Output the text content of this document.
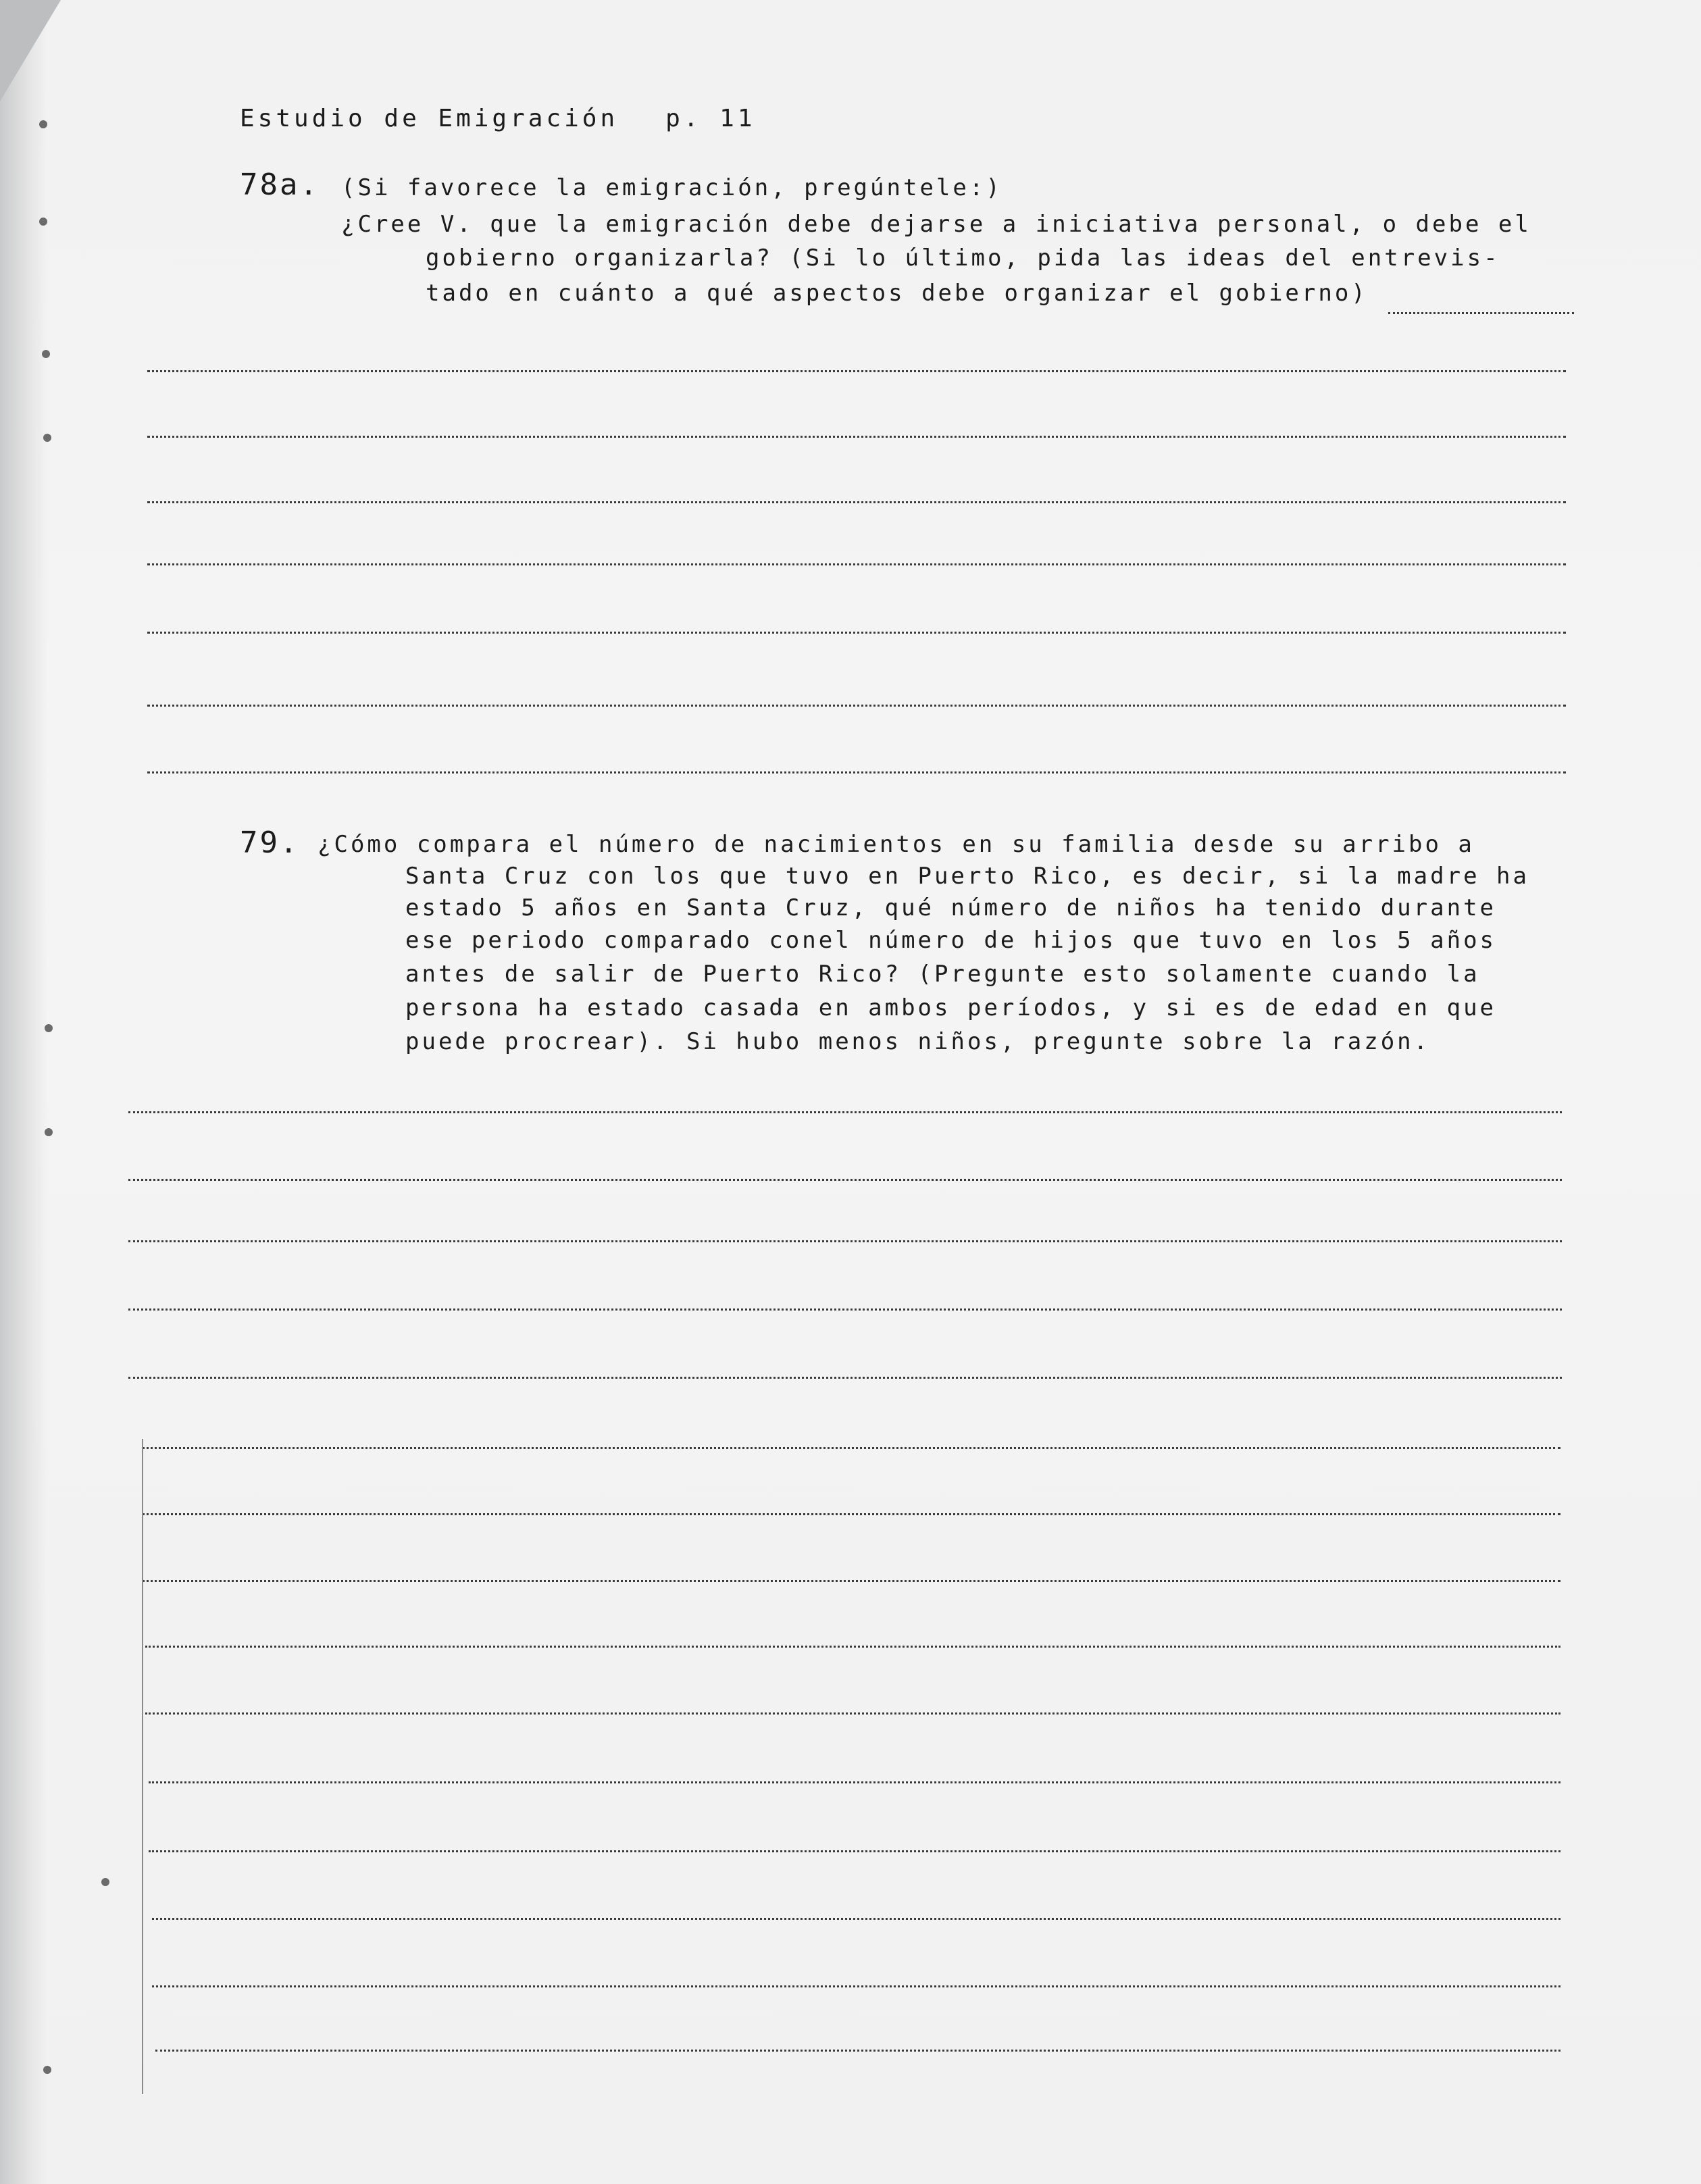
Estudio de Emigración p. 11
78a. (Si favorece la emigración, pregúntele:)
¿Cree V. que la emigración debe dejarse a iniciativa personal, o debe el
gobierno organizarla? (Si lo último, pida las ideas del entrevis-
tado en cuánto a qué aspectos debe organizar el gobierno)
79. ¿Cómo compara el número de nacimientos en su familia desde su arribo a
Santa Cruz con los que tuvo en Puerto Rico, es decir, si la madre ha
estado 5 años en Santa Cruz, qué número de niños ha tenido durante
ese periodo comparado conel número de hijos que tuvo en los 5 años
antes de salir de Puerto Rico? (Pregunte esto solamente cuando la
persona ha estado casada en ambos períodos, y si es de edad en que
puede procrear). Si hubo menos niños, pregunte sobre la razón.
